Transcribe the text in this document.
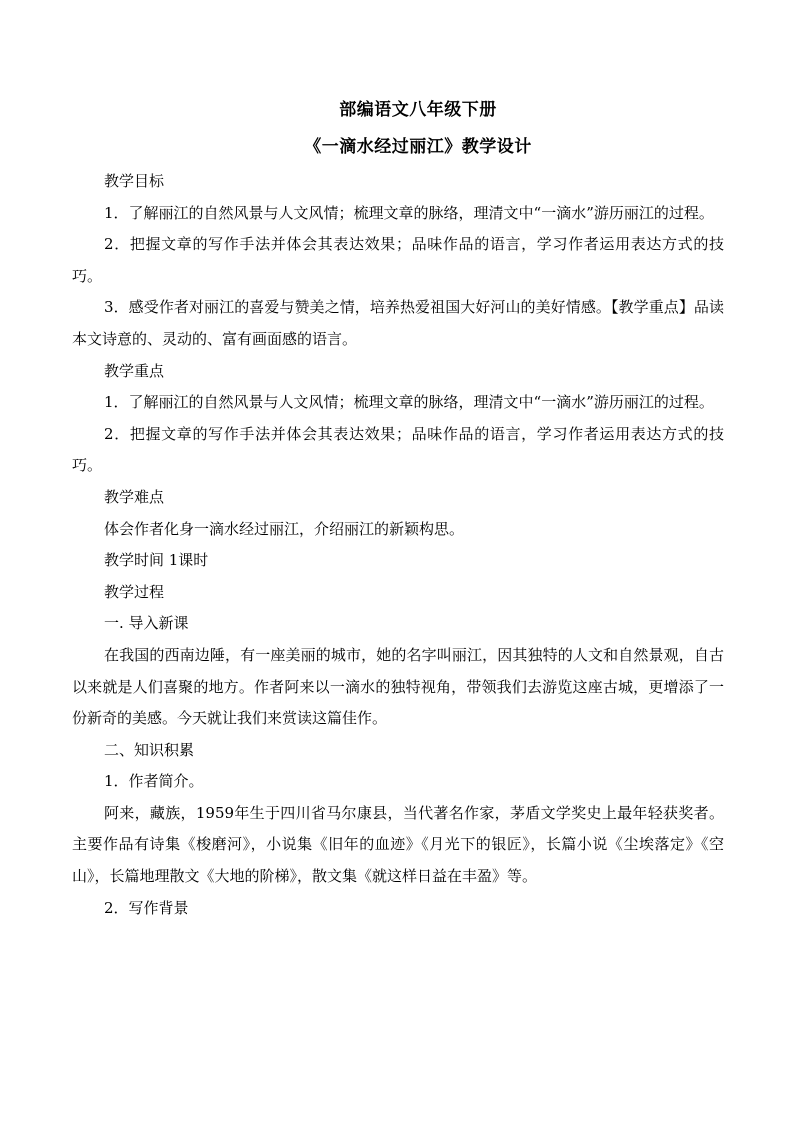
部编语文八年级下册
《一滴水经过丽江》教学设计

教学目标

1．了解丽江的自然风景与人文风情；梳理文章的脉络，理清文中“一滴水”游历丽江的过程。

2．把握文章的写作手法并体会其表达效果；品味作品的语言，学习作者运用表达方式的技巧。

3．感受作者对丽江的喜爱与赞美之情，培养热爱祖国大好河山的美好情感。【教学重点】品读本文诗意的、灵动的、富有画面感的语言。

教学重点

1．了解丽江的自然风景与人文风情；梳理文章的脉络，理清文中“一滴水”游历丽江的过程。

2．把握文章的写作手法并体会其表达效果；品味作品的语言，学习作者运用表达方式的技巧。

教学难点

体会作者化身一滴水经过丽江，介绍丽江的新颖构思。

教学时间 1课时

教学过程

一. 导入新课

在我国的西南边陲，有一座美丽的城市，她的名字叫丽江，因其独特的人文和自然景观，自古以来就是人们喜聚的地方。作者阿来以一滴水的独特视角，带领我们去游览这座古城，更增添了一份新奇的美感。今天就让我们来赏读这篇佳作。

二、知识积累

1．作者简介。

阿来，藏族，1959年生于四川省马尔康县，当代著名作家，茅盾文学奖史上最年轻获奖者。主要作品有诗集《梭磨河》，小说集《旧年的血迹》《月光下的银匠》，长篇小说《尘埃落定》《空山》，长篇地理散文《大地的阶梯》，散文集《就这样日益在丰盈》等。

2．写作背景
